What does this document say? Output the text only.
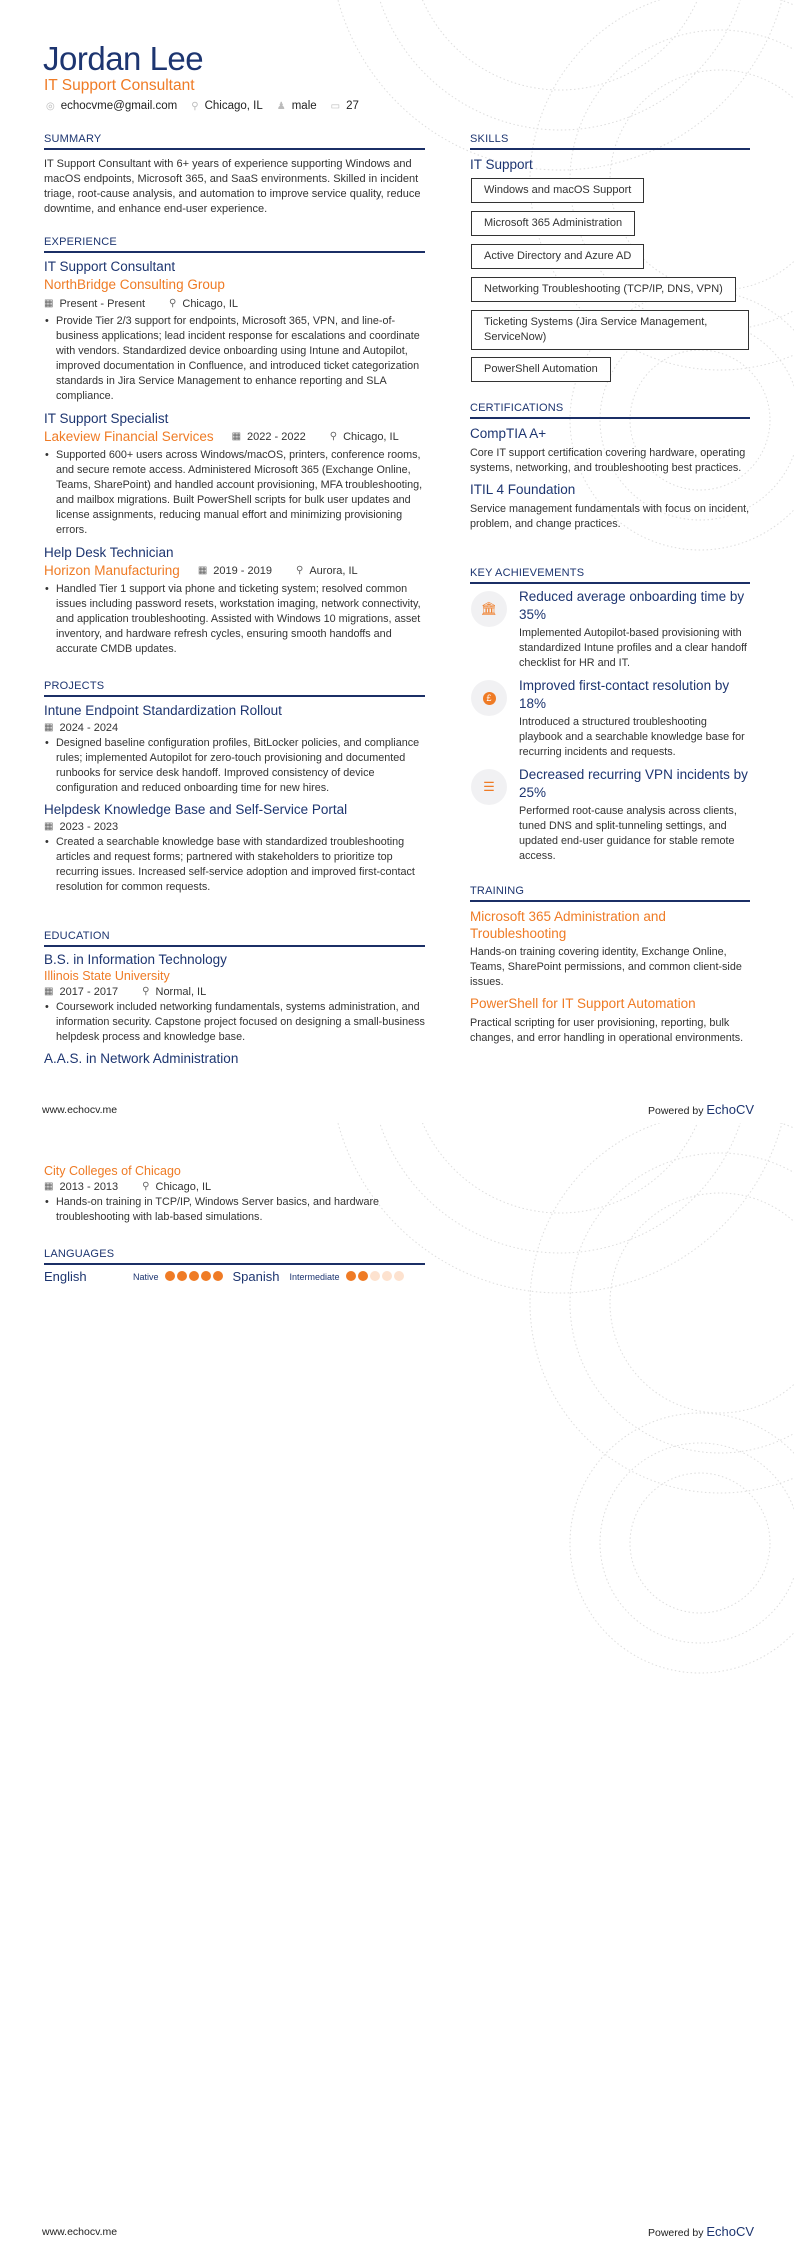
Jordan Lee
IT Support Consultant
◎ echocvme@gmail.com ⚲ Chicago, IL ♟ male ▭ 27
SUMMARY

IT Support Consultant with 6+ years of experience supporting Windows and macOS endpoints, Microsoft 365, and SaaS environments. Skilled in incident triage, root-cause analysis, and automation to improve service quality, reduce downtime, and enhance end-user experience.

EXPERIENCE
IT Support Consultant
NorthBridge Consulting Group
▦ Present - Present ⚲ Chicago, IL
• Provide Tier 2/3 support for endpoints, Microsoft 365, VPN, and line-of-business applications; lead incident response for escalations and coordinate with vendors. Standardized device onboarding using Intune and Autopilot, improved documentation in Confluence, and introduced ticket categorization standards in Jira Service Management to enhance reporting and SLA compliance.
IT Support Specialist
Lakeview Financial Services ▦ 2022 - 2022 ⚲ Chicago, IL
• Supported 600+ users across Windows/macOS, printers, conference rooms, and secure remote access. Administered Microsoft 365 (Exchange Online, Teams, SharePoint) and handled account provisioning, MFA troubleshooting, and mailbox migrations. Built PowerShell scripts for bulk user updates and license assignments, reducing manual effort and minimizing provisioning errors.
Help Desk Technician
Horizon Manufacturing ▦ 2019 - 2019 ⚲ Aurora, IL
• Handled Tier 1 support via phone and ticketing system; resolved common issues including password resets, workstation imaging, network connectivity, and application troubleshooting. Assisted with Windows 10 migrations, asset inventory, and hardware refresh cycles, ensuring smooth handoffs and accurate CMDB updates.
PROJECTS
Intune Endpoint Standardization Rollout
▦ 2024 - 2024
• Designed baseline configuration profiles, BitLocker policies, and compliance rules; implemented Autopilot for zero-touch provisioning and documented runbooks for service desk handoff. Improved consistency of device configuration and reduced onboarding time for new hires.
Helpdesk Knowledge Base and Self-Service Portal
▦ 2023 - 2023
• Created a searchable knowledge base with standardized troubleshooting articles and request forms; partnered with stakeholders to prioritize top recurring issues. Increased self-service adoption and improved first-contact resolution for common requests.
EDUCATION
B.S. in Information Technology
Illinois State University
▦ 2017 - 2017 ⚲ Normal, IL
• Coursework included networking fundamentals, systems administration, and information security. Capstone project focused on designing a small-business helpdesk process and knowledge base.
A.A.S. in Network Administration
SKILLS
IT Support
Windows and macOS Support
Microsoft 365 Administration
Active Directory and Azure AD
Networking Troubleshooting (TCP/IP, DNS, VPN)
Ticketing Systems (Jira Service Management, ServiceNow)
PowerShell Automation
CERTIFICATIONS
CompTIA A+

Core IT support certification covering hardware, operating systems, networking, and troubleshooting best practices.

ITIL 4 Foundation

Service management fundamentals with focus on incident, problem, and change practices.

KEY ACHIEVEMENTS
🏛
Reduced average onboarding time by 35%

Implemented Autopilot-based provisioning with standardized Intune profiles and a clear handoff checklist for HR and IT.

£
Improved first-contact resolution by 18%

Introduced a structured troubleshooting playbook and a searchable knowledge base for recurring incidents and requests.

☰
Decreased recurring VPN incidents by 25%

Performed root-cause analysis across clients, tuned DNS and split-tunneling settings, and updated end-user guidance for stable remote access.

TRAINING
Microsoft 365 Administration and Troubleshooting

Hands-on training covering identity, Exchange Online, Teams, SharePoint permissions, and common client-side issues.

PowerShell for IT Support Automation

Practical scripting for user provisioning, reporting, bulk changes, and error handling in operational environments.

www.echocv.me	Powered by EchoCV
City Colleges of Chicago
▦ 2013 - 2013 ⚲ Chicago, IL
• Hands-on training in TCP/IP, Windows Server basics, and hardware troubleshooting with lab-based simulations.
LANGUAGES
English	Native	Spanish Intermediate
www.echocv.me	Powered by EchoCV
